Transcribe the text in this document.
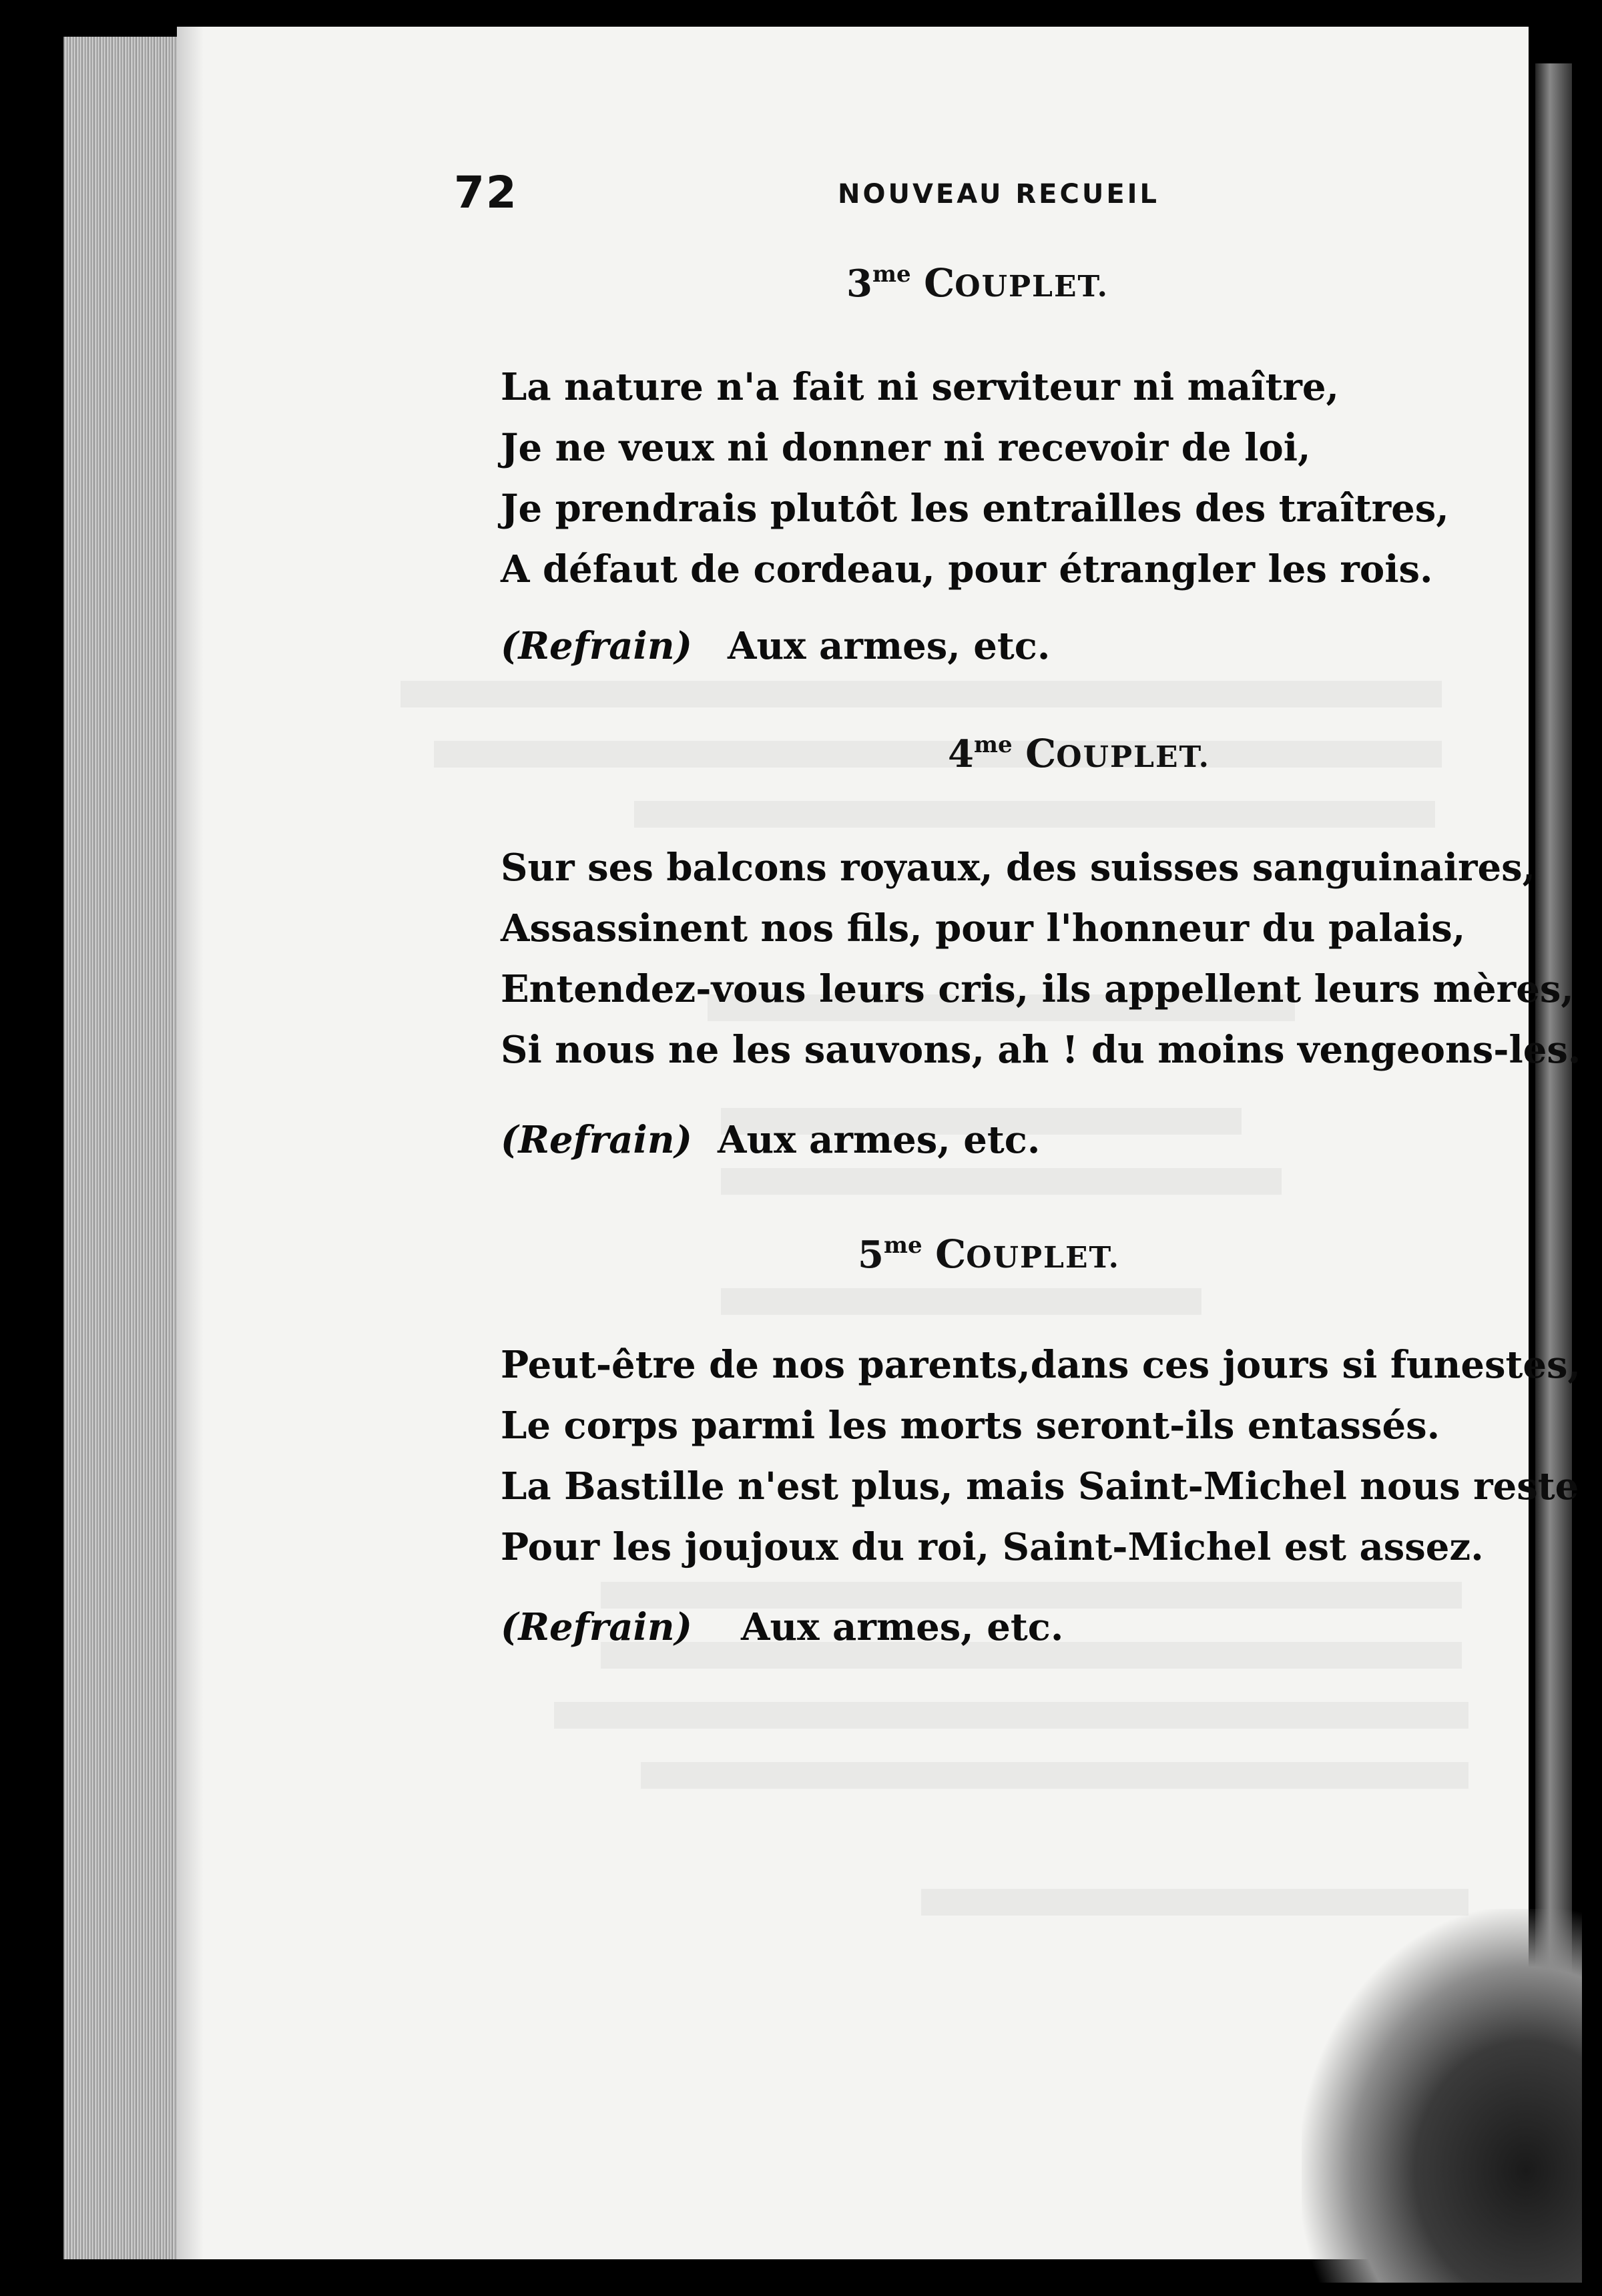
72	NOUVEAU RECUEIL
$3^{me}$ COUPLET.
La nature n'a fait ni serviteur ni maître,
Je ne veux ni donner ni recevoir de loi,
Je prendrais plutôt les entrailles des traîtres,
A défaut de cordeau, pour étrangler les rois.
(Refrain) Aux armes, etc.
$4^{me}$ COUPLET.
Sur ses balcons royaux, des suisses sanguinaires,
Assassinent nos fils, pour l'honneur du palais,
Entendez-vous leurs cris, ils appellent leurs mères,
Si nous ne les sauvons, ah ! du moins vengeons-les.
(Refrain) Aux armes, etc.
$5^{me}$ COUPLET.
Peut-être de nos parents,dans ces jours si funestes,
Le corps parmi les morts seront-ils entassés.
La Bastille n'est plus, mais Saint-Michel nous reste
Pour les joujoux du roi, Saint-Michel est assez.
(Refrain) Aux armes, etc.
